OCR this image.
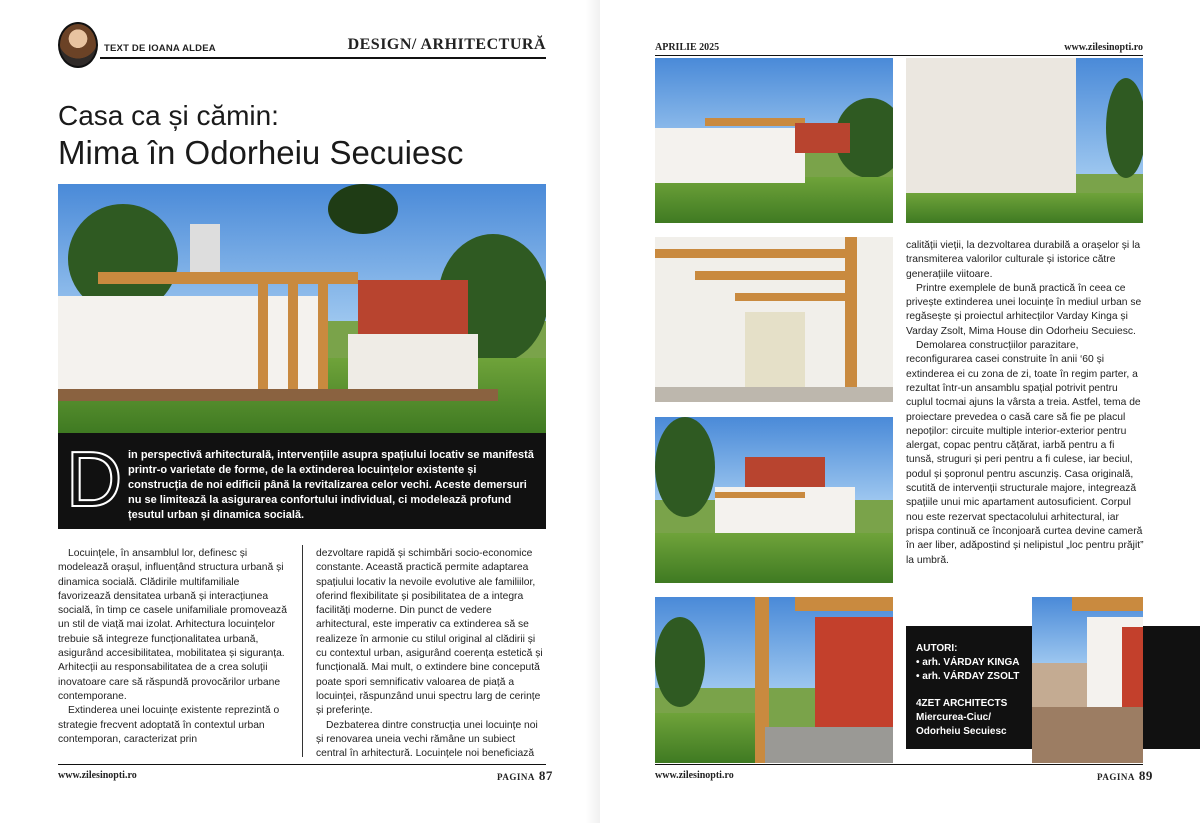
TEXT DE IOANA ALDEA	DESIGN/ ARHITECTURĂ
Casa ca și cămin:
Mima în Odorheiu Secuiesc
D in perspectivă arhitecturală, intervențiile asupra spațiului locativ se manifestă printr-o varietate de forme, de la extinderea locuințelor existente și construcția de noi edificii până la revitalizarea celor vechi. Aceste demersuri nu se limitează la asigurarea confortului individual, ci modelează profund țesutul urban și dinamica socială.

Locuințele, în ansamblul lor, definesc și modelează orașul, influențând structura urbană și dinamica socială. Clădirile multifamiliale favorizează densitatea urbană și interacțiunea socială, în timp ce casele unifamiliale promovează un stil de viață mai izolat. Arhitectura locuințelor trebuie să integreze funcționalitatea urbană, asigurând accesibilitatea, mobilitatea și siguranța. Arhitecții au responsabilitatea de a crea soluții inovatoare care să răspundă provocărilor urbane contemporane.

Extinderea unei locuințe existente reprezintă o strategie frecvent adoptată în contextul urban contemporan, caracterizat prin

dezvoltare rapidă și schimbări socio-economice constante. Această practică permite adaptarea spațiului locativ la nevoile evolutive ale familiilor, oferind flexibilitate și posibilitatea de a integra facilități moderne. Din punct de vedere arhitectural, este imperativ ca extinderea să se realizeze în armonie cu stilul original al clădirii și cu contextul urban, asigurând coerența estetică și funcțională. Mai mult, o extindere bine concepută poate spori semnificativ valoarea de piață a locuinței, răspunzând unui spectru larg de cerințe și preferințe.

Dezbaterea dintre construcția unei locuințe noi și renovarea uneia vechi rămâne un subiect central în arhitectură. Locuințele noi beneficiază

www.zilesinopti.ro	PAGINA 87
APRILIE 2025	www.zilesinopti.ro

calității vieții, la dezvoltarea durabilă a orașelor și la transmiterea valorilor culturale și istorice către generațiile viitoare.

Printre exemplele de bună practică în ceea ce privește extinderea unei locuințe în mediul urban se regăsește și proiectul arhitecților Varday Kinga și Varday Zsolt, Mima House din Odorheiu Secuiesc.

Demolarea construcțiilor parazitare, reconfigurarea casei construite în anii ‘60 și extinderea ei cu zona de zi, toate în regim parter, a rezultat într-un ansamblu spațial potrivit pentru cuplul tocmai ajuns la vârsta a treia. Astfel, tema de proiectare prevedea o casă care să fie pe placul nepoților: circuite multiple interior-exterior pentru alergat, copac pentru cățărat, iarbă pentru a fi tunsă, struguri și peri pentru a fi culese, iar beciul, podul și șopronul pentru ascunziș. Casa originală, scutită de intervenții structurale majore, integrează spațiile unui mic apartament autosuficient. Corpul nou este rezervat spectacolului arhitectural, iar prispa continuă ce înconjoară curtea devine cameră în aer liber, adăpostind și nelipistul „loc pentru prăjit” la umbră.

AUTORI:
• arh. VÁRDAY KINGA
• arh. VÁRDAY ZSOLT
4ZET ARCHITECTS
Miercurea-Ciuc/
Odorheiu Secuiesc
www.zilesinopti.ro	PAGINA 89
